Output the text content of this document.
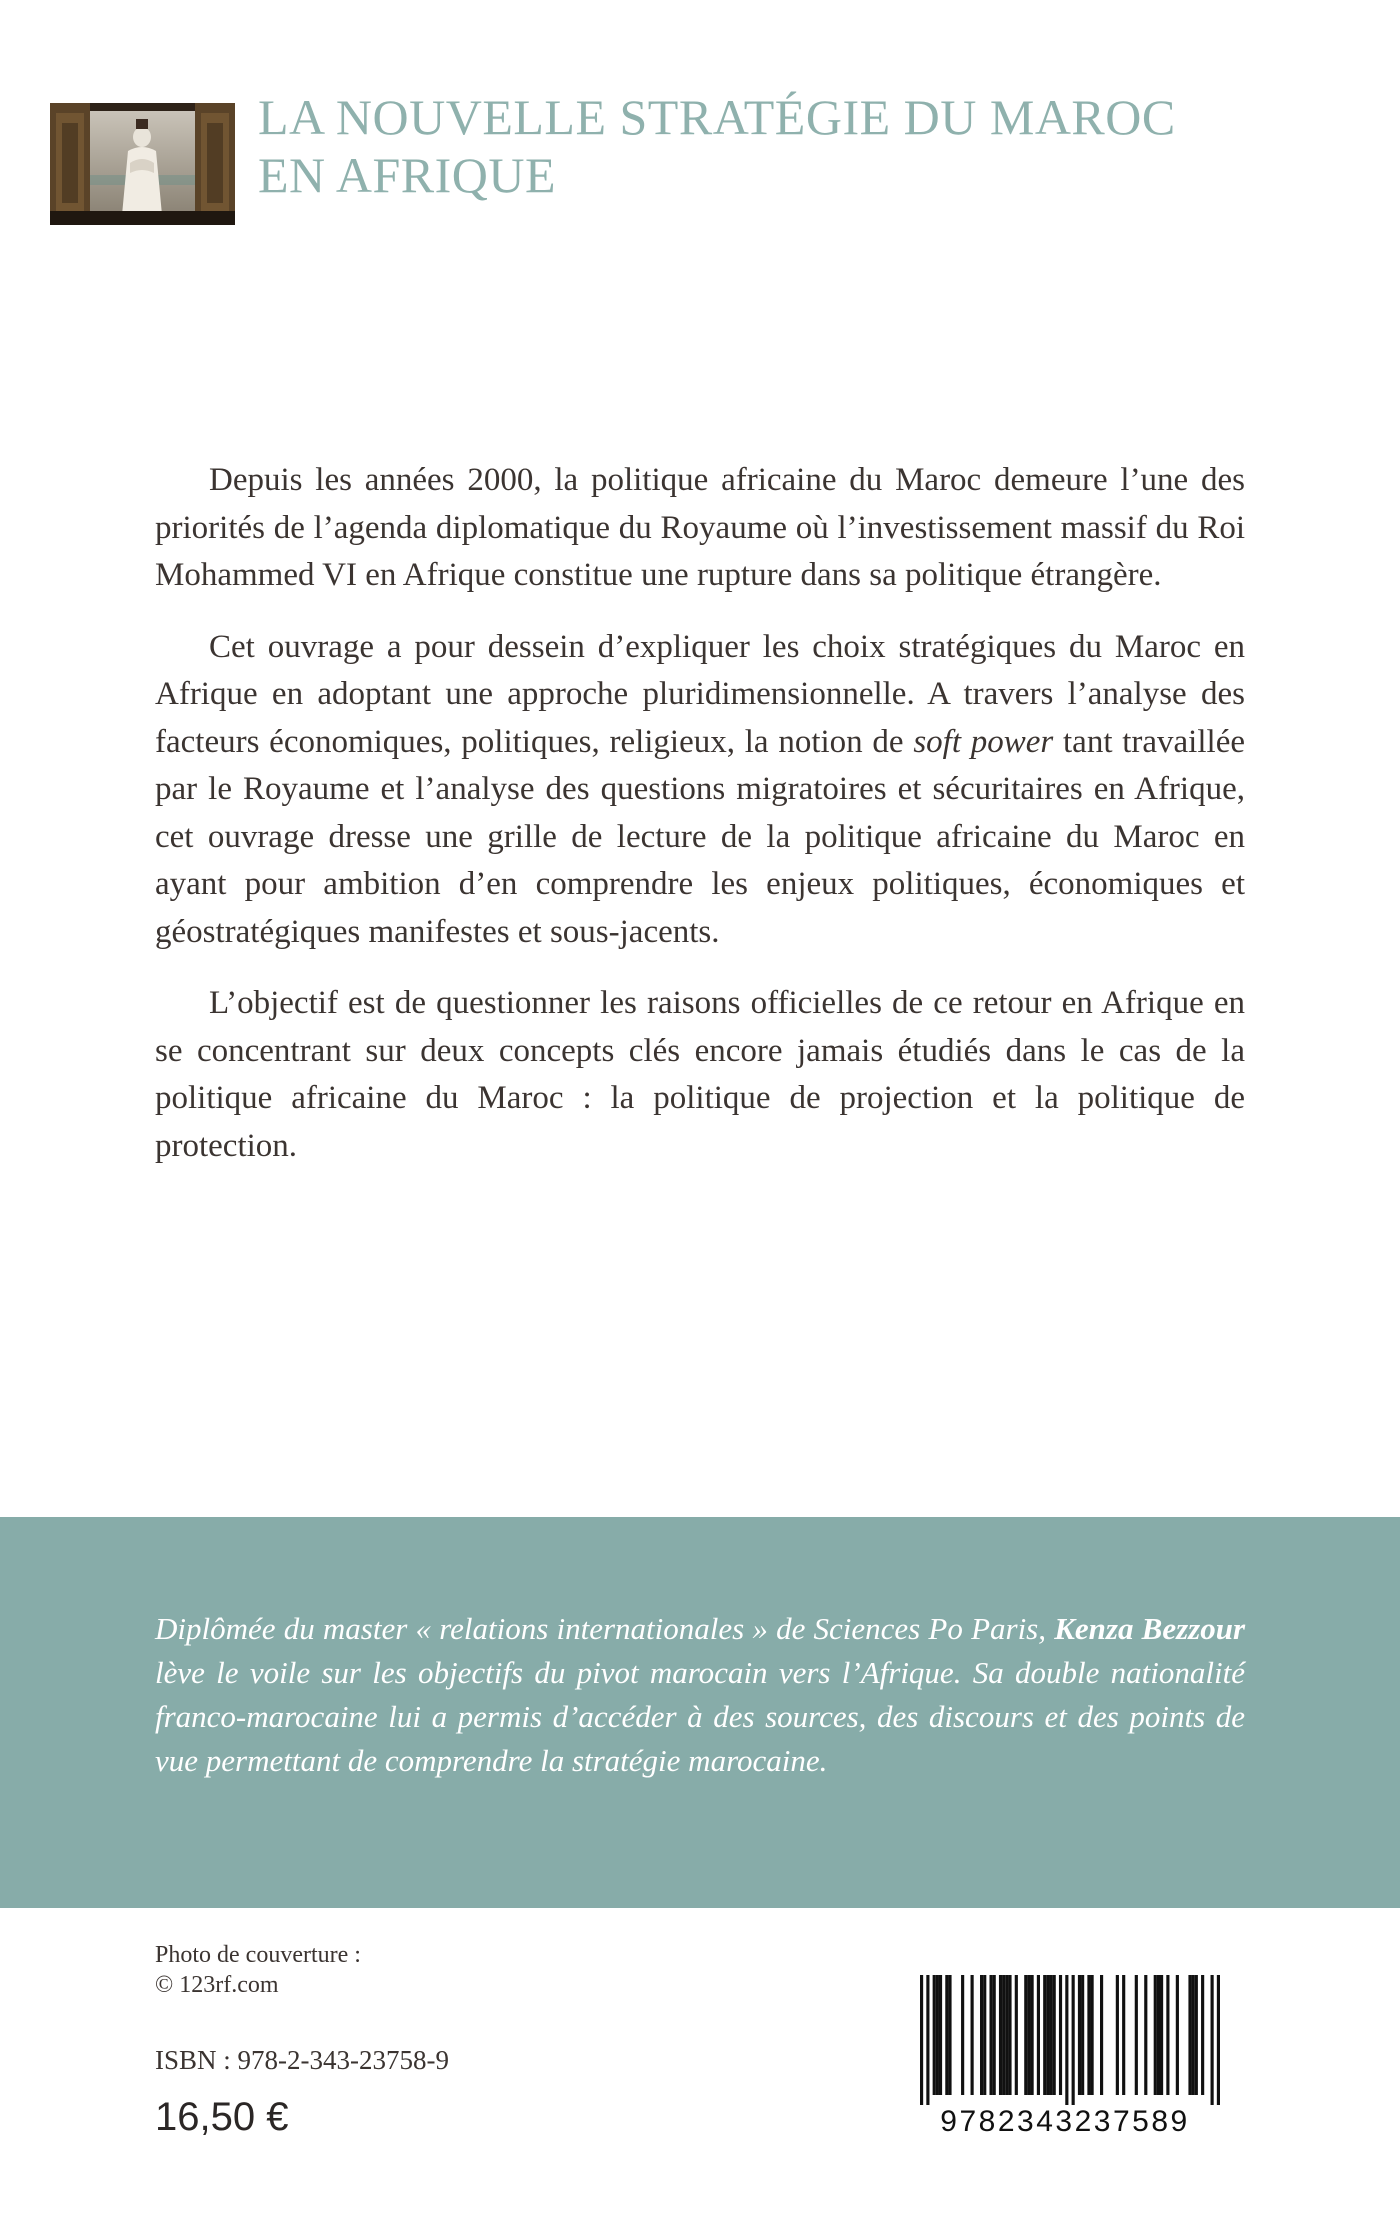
LA NOUVELLE STRATÉGIE DU MAROC
EN AFRIQUE

Depuis les années 2000, la politique africaine du Maroc demeure l’une des priorités de l’agenda diplomatique du Royaume où l’investissement massif du Roi Mohammed VI en Afrique constitue une rupture dans sa politique étrangère.

Cet ouvrage a pour dessein d’expliquer les choix stratégiques du Maroc en Afrique en adoptant une approche pluridimensionnelle. A travers l’analyse des facteurs économiques, politiques, religieux, la notion de soft power tant travaillée par le Royaume et l’analyse des questions migratoires et sécuritaires en Afrique, cet ouvrage dresse une grille de lecture de la politique africaine du Maroc en ayant pour ambition d’en comprendre les enjeux politiques, économiques et géostratégiques manifestes et sous-jacents.

L’objectif est de questionner les raisons officielles de ce retour en Afrique en se concentrant sur deux concepts clés encore jamais étudiés dans le cas de la politique africaine du Maroc : la politique de projection et la politique de protection.

Diplômée du master « relations internationales » de Sciences Po Paris, Kenza Bezzour lève le voile sur les objectifs du pivot marocain vers l’Afrique. Sa double nationalité franco-marocaine lui a permis d’accéder à des sources, des discours et des points de vue permettant de comprendre la stratégie marocaine.

Photo de couverture :
© 123rf.com
ISBN : 978-2-343-23758-9
16,50 €	9782343237589
